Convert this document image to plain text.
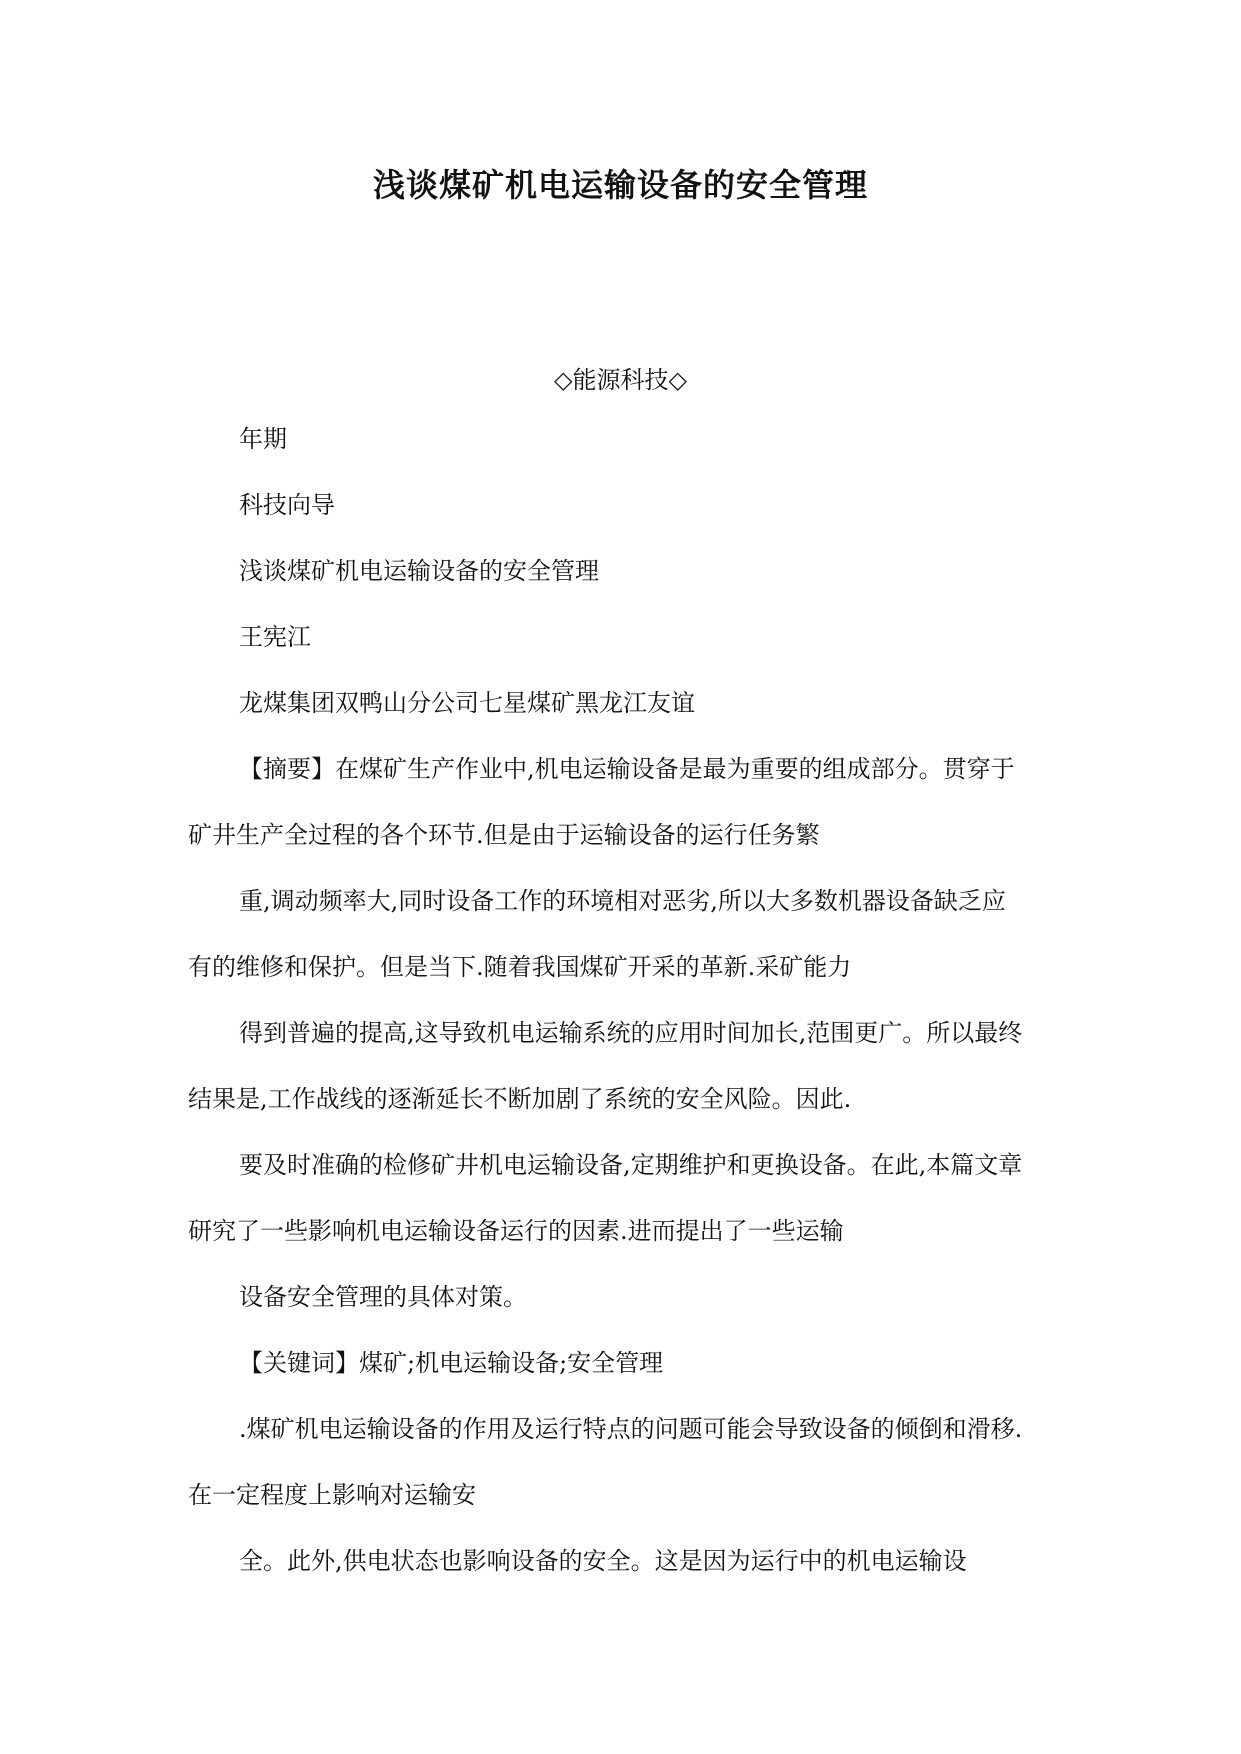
浅谈煤矿机电运输设备的安全管理
◇能源科技◇
年期
科技向导
浅谈煤矿机电运输设备的安全管理
王宪江
龙煤集团双鸭山分公司七星煤矿黑龙江友谊
【摘要】在煤矿生产作业中,机电运输设备是最为重要的组成部分。贯穿于
矿井生产全过程的各个环节.但是由于运输设备的运行任务繁
重,调动频率大,同时设备工作的环境相对恶劣,所以大多数机器设备缺乏应
有的维修和保护。但是当下.随着我国煤矿开采的革新.采矿能力
得到普遍的提高,这导致机电运输系统的应用时间加长,范围更广。所以最终
结果是,工作战线的逐渐延长不断加剧了系统的安全风险。因此.
要及时准确的检修矿井机电运输设备,定期维护和更换设备。在此,本篇文章
研究了一些影响机电运输设备运行的因素.进而提出了一些运输
设备安全管理的具体对策。
【关键词】煤矿;机电运输设备;安全管理
.煤矿机电运输设备的作用及运行特点的问题可能会导致设备的倾倒和滑移.
在一定程度上影响对运输安
全。此外,供电状态也影响设备的安全。这是因为运行中的机电运输设
